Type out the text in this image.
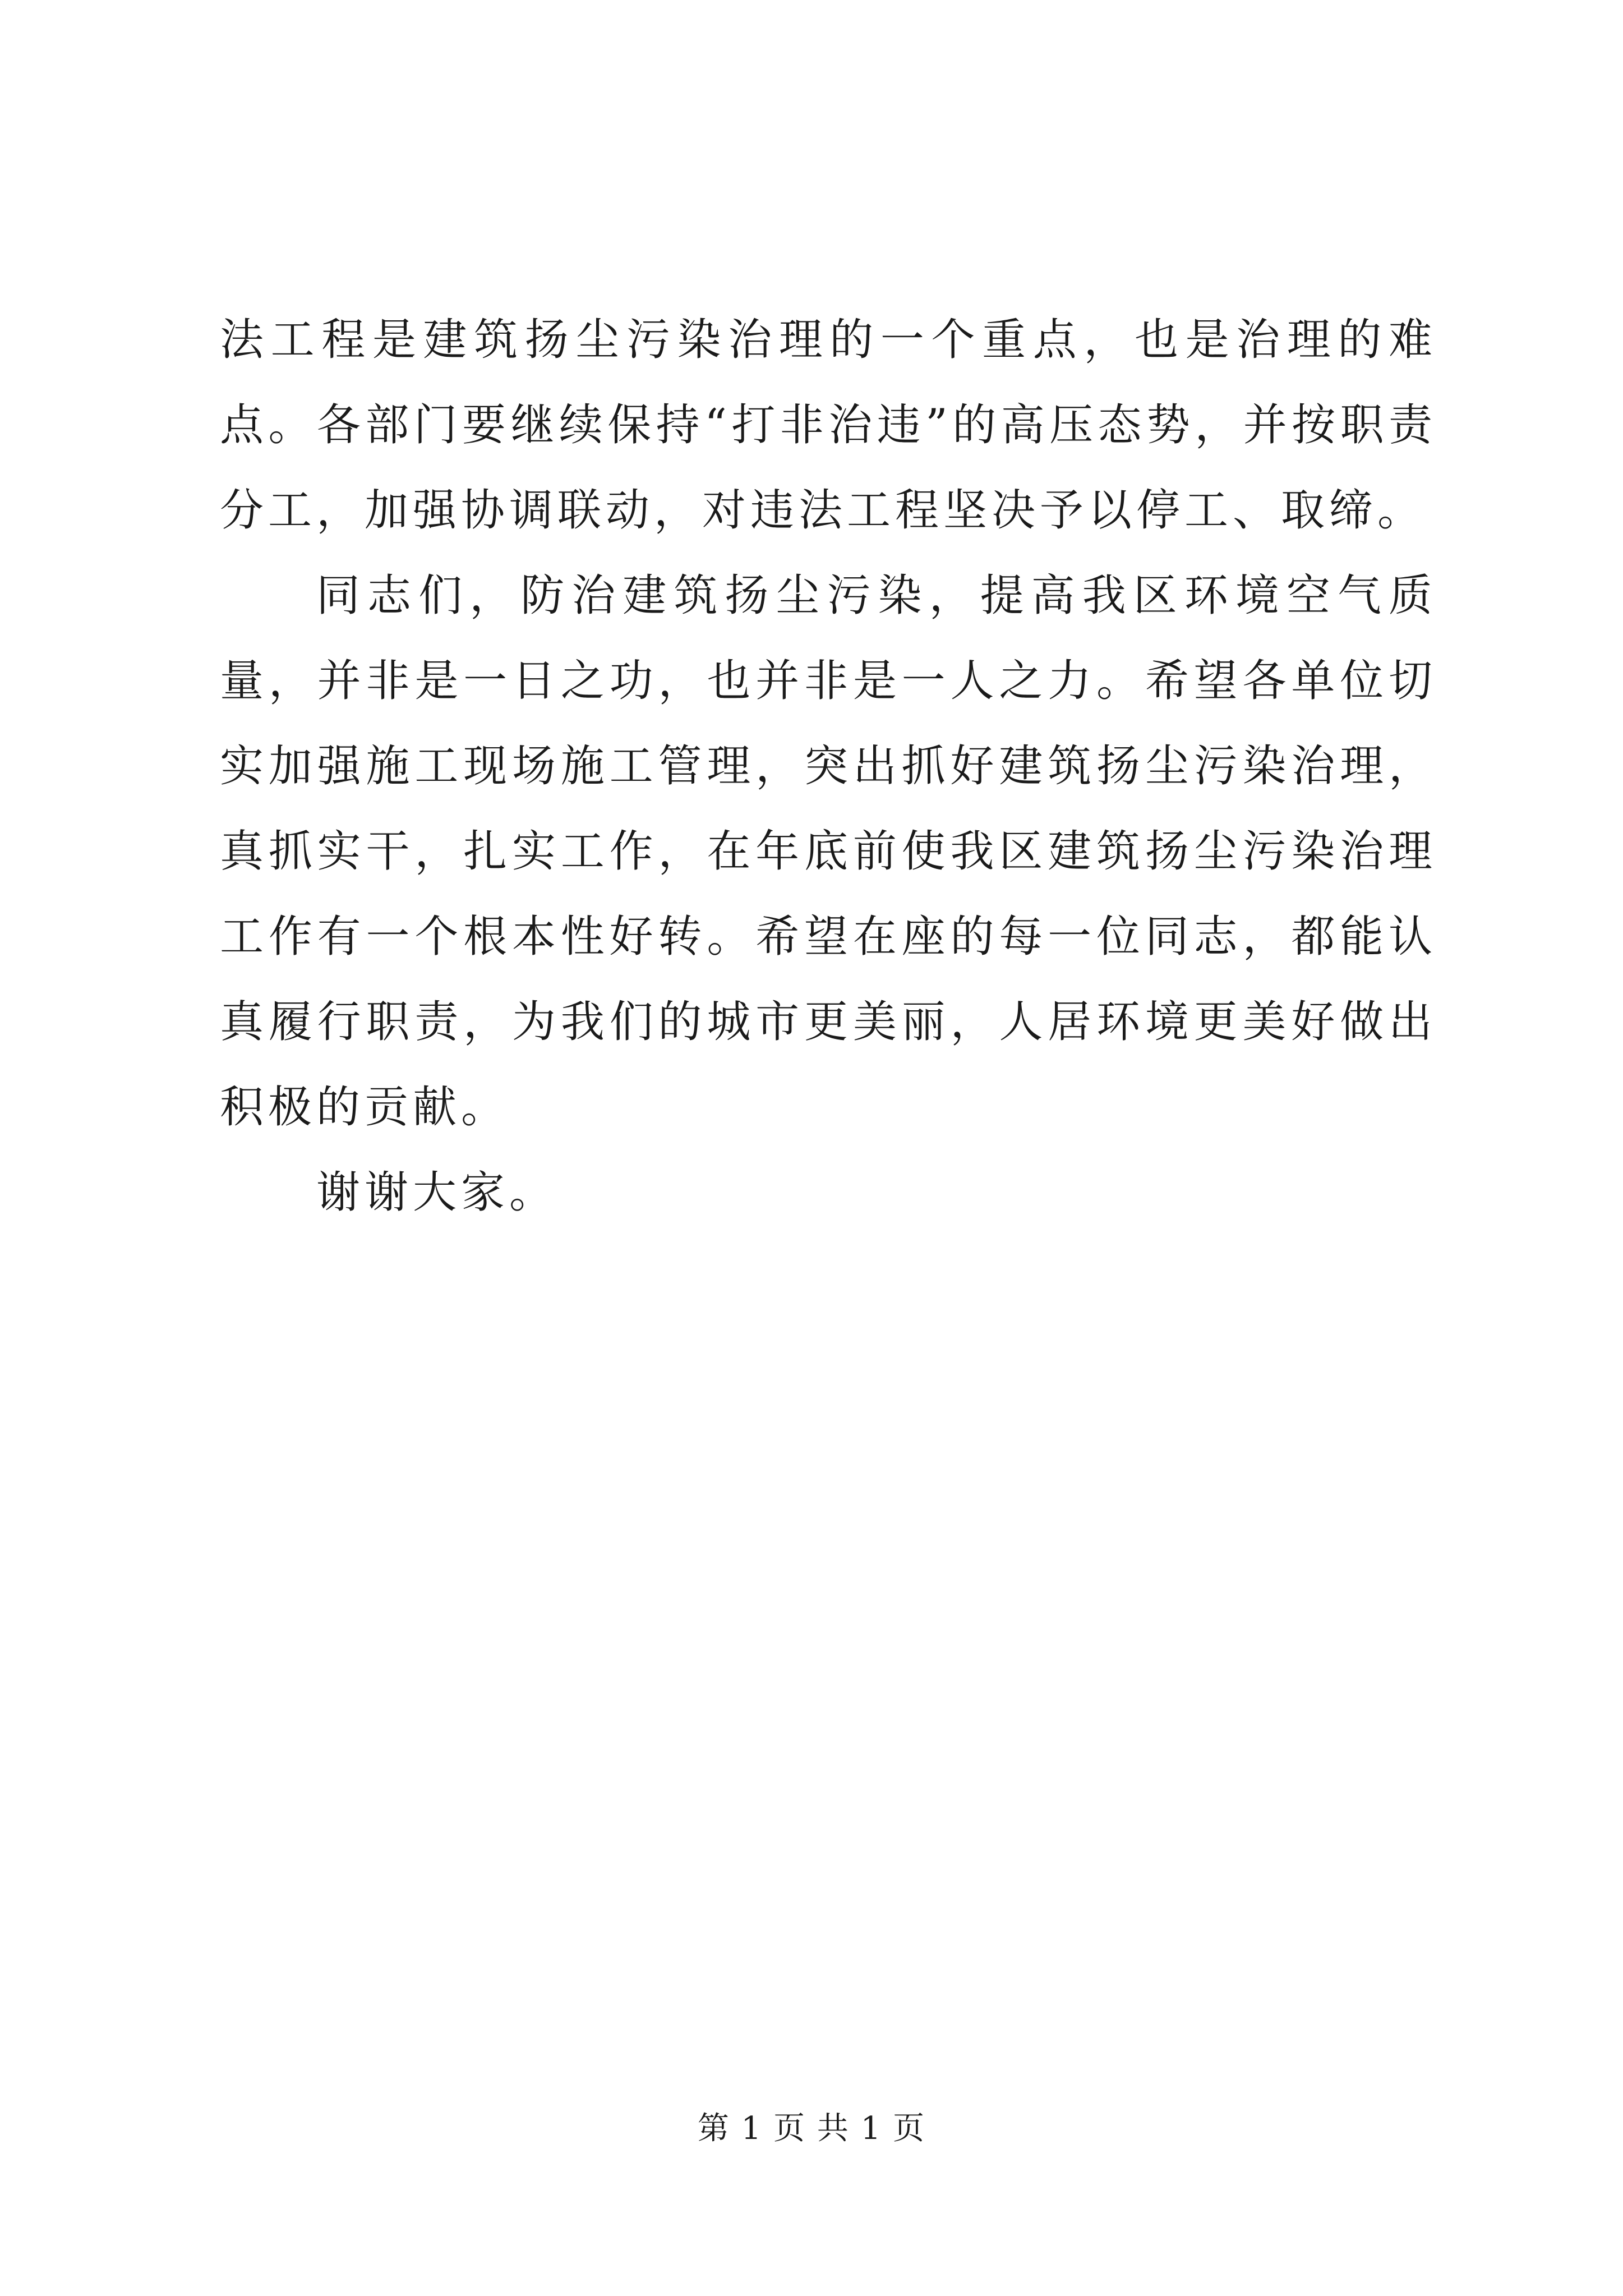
法工程是建筑扬尘污染治理的一个重点，也是治理的难点。各部门要继续保持“打非治违”的高压态势，并按职责分工，加强协调联动，对违法工程坚决予以停工、取缔。

同志们，防治建筑扬尘污染，提高我区环境空气质量，并非是一日之功，也并非是一人之力。希望各单位切实加强施工现场施工管理，突出抓好建筑扬尘污染治理，真抓实干，扎实工作，在年底前使我区建筑扬尘污染治理工作有一个根本性好转。希望在座的每一位同志，都能认真履行职责，为我们的城市更美丽，人居环境更美好做出积极的贡献。

谢谢大家。

第 1 页 共 1 页
